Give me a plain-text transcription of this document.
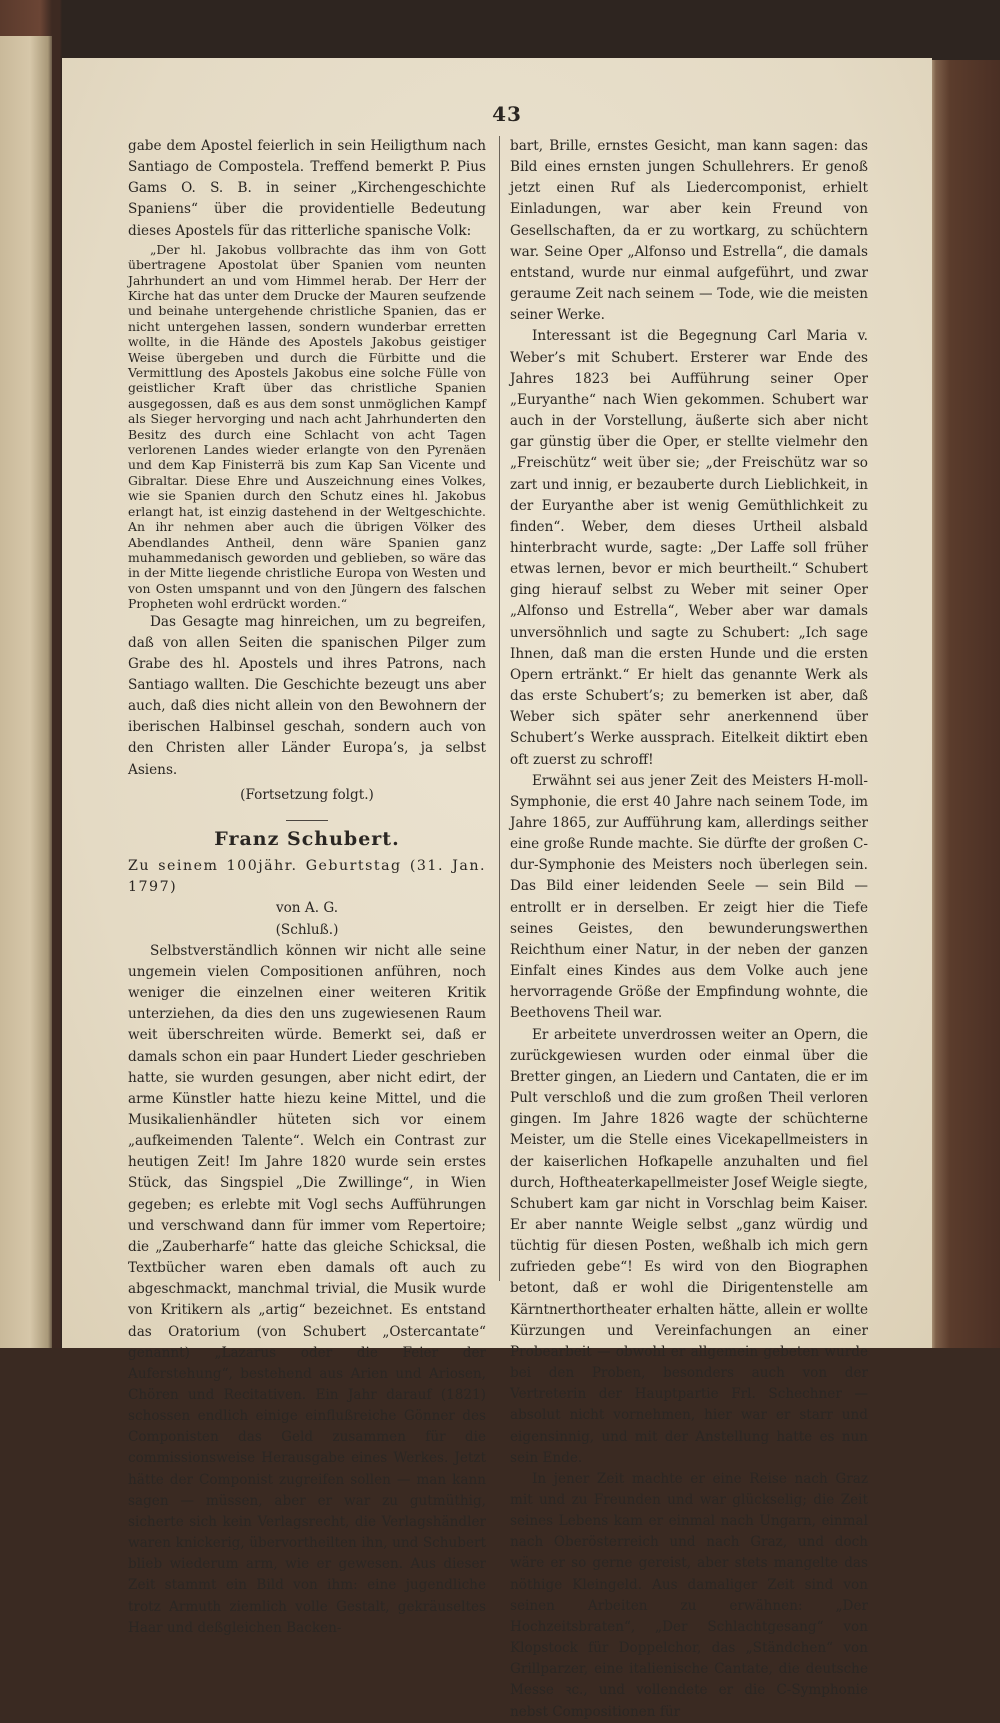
43

gabe dem Apostel feierlich in sein Heiligthum nach Santiago de Compostela. Treffend bemerkt P. Pius Gams O. S. B. in seiner „Kirchengeschichte Spaniens“ über die providentielle Bedeutung dieses Apostels für das ritterliche spanische Volk:

„Der hl. Jakobus vollbrachte das ihm von Gott übertragene Apostolat über Spanien vom neunten Jahrhundert an und vom Himmel herab. Der Herr der Kirche hat das unter dem Drucke der Mauren seufzende und beinahe untergehende christliche Spanien, das er nicht untergehen lassen, sondern wunderbar erretten wollte, in die Hände des Apostels Jakobus geistiger Weise übergeben und durch die Fürbitte und die Vermittlung des Apostels Jakobus eine solche Fülle von geistlicher Kraft über das christliche Spanien ausgegossen, daß es aus dem sonst unmöglichen Kampf als Sieger hervorging und nach acht Jahrhunderten den Besitz des durch eine Schlacht von acht Tagen verlorenen Landes wieder erlangte von den Pyrenäen und dem Kap Finisterrä bis zum Kap San Vicente und Gibraltar. Diese Ehre und Auszeichnung eines Volkes, wie sie Spanien durch den Schutz eines hl. Jakobus erlangt hat, ist einzig dastehend in der Weltgeschichte. An ihr nehmen aber auch die übrigen Völker des Abendlandes Antheil, denn wäre Spanien ganz muhammedanisch geworden und geblieben, so wäre das in der Mitte liegende christliche Europa von Westen und von Osten umspannt und von den Jüngern des falschen Propheten wohl erdrückt worden.“

Das Gesagte mag hinreichen, um zu begreifen, daß von allen Seiten die spanischen Pilger zum Grabe des hl. Apostels und ihres Patrons, nach Santiago wallten. Die Geschichte bezeugt uns aber auch, daß dies nicht allein von den Bewohnern der iberischen Halbinsel geschah, sondern auch von den Christen aller Länder Europa’s, ja selbst Asiens.

(Fortsetzung folgt.)

Franz Schubert.

Zu seinem 100jähr. Geburtstag (31. Jan. 1797)

von A. G.

(Schluß.)

Selbstverständlich können wir nicht alle seine ungemein vielen Compositionen anführen, noch weniger die einzelnen einer weiteren Kritik unterziehen, da dies den uns zugewiesenen Raum weit überschreiten würde. Bemerkt sei, daß er damals schon ein paar Hundert Lieder geschrieben hatte, sie wurden gesungen, aber nicht edirt, der arme Künstler hatte hiezu keine Mittel, und die Musikalienhändler hüteten sich vor einem „aufkeimenden Talente“. Welch ein Contrast zur heutigen Zeit! Im Jahre 1820 wurde sein erstes Stück, das Singspiel „Die Zwillinge“, in Wien gegeben; es erlebte mit Vogl sechs Aufführungen und verschwand dann für immer vom Repertoire; die „Zauberharfe“ hatte das gleiche Schicksal, die Textbücher waren eben damals oft auch zu abgeschmackt, manchmal trivial, die Musik wurde von Kritikern als „artig“ bezeichnet. Es entstand das Oratorium (von Schubert „Ostercantate“ genannt) „Lazarus oder die Feier der Auferstehung“, bestehend aus Arien und Ariosen, Chören und Recitativen. Ein Jahr darauf (1821) schossen endlich einige einflußreiche Gönner des Componisten das Geld zusammen für die commissionsweise Herausgabe eines Werkes. Jetzt hätte der Componist zugreifen sollen — man kann sagen — müssen, aber er war zu gutmüthig, sicherte sich kein Verlagsrecht, die Verlagshändler waren knickerig, übervortheilten ihn, und Schubert blieb wiederum arm, wie er gewesen. Aus dieser Zeit stammt ein Bild von ihm: eine jugendliche trotz Armuth ziemlich volle Gestalt, gekräuseltes Haar und deßgleichen Backen-

bart, Brille, ernstes Gesicht, man kann sagen: das Bild eines ernsten jungen Schullehrers. Er genoß jetzt einen Ruf als Liedercomponist, erhielt Einladungen, war aber kein Freund von Gesellschaften, da er zu wortkarg, zu schüchtern war. Seine Oper „Alfonso und Estrella“, die damals entstand, wurde nur einmal aufgeführt, und zwar geraume Zeit nach seinem — Tode, wie die meisten seiner Werke.

Interessant ist die Begegnung Carl Maria v. Weber’s mit Schubert. Ersterer war Ende des Jahres 1823 bei Aufführung seiner Oper „Euryanthe“ nach Wien gekommen. Schubert war auch in der Vorstellung, äußerte sich aber nicht gar günstig über die Oper, er stellte vielmehr den „Freischütz“ weit über sie; „der Freischütz war so zart und innig, er bezauberte durch Lieblichkeit, in der Euryanthe aber ist wenig Gemüthlichkeit zu finden“. Weber, dem dieses Urtheil alsbald hinterbracht wurde, sagte: „Der Laffe soll früher etwas lernen, bevor er mich beurtheilt.“ Schubert ging hierauf selbst zu Weber mit seiner Oper „Alfonso und Estrella“, Weber aber war damals unversöhnlich und sagte zu Schubert: „Ich sage Ihnen, daß man die ersten Hunde und die ersten Opern ertränkt.“ Er hielt das genannte Werk als das erste Schubert’s; zu bemerken ist aber, daß Weber sich später sehr anerkennend über Schubert’s Werke aussprach. Eitelkeit diktirt eben oft zuerst zu schroff!

Erwähnt sei aus jener Zeit des Meisters H-moll-Symphonie, die erst 40 Jahre nach seinem Tode, im Jahre 1865, zur Aufführung kam, allerdings seither eine große Runde machte. Sie dürfte der großen C-dur-Symphonie des Meisters noch überlegen sein. Das Bild einer leidenden Seele — sein Bild — entrollt er in derselben. Er zeigt hier die Tiefe seines Geistes, den bewunderungswerthen Reichthum einer Natur, in der neben der ganzen Einfalt eines Kindes aus dem Volke auch jene hervorragende Größe der Empfindung wohnte, die Beethovens Theil war.

Er arbeitete unverdrossen weiter an Opern, die zurückgewiesen wurden oder einmal über die Bretter gingen, an Liedern und Cantaten, die er im Pult verschloß und die zum großen Theil verloren gingen. Im Jahre 1826 wagte der schüchterne Meister, um die Stelle eines Vicekapellmeisters in der kaiserlichen Hofkapelle anzuhalten und fiel durch, Hoftheaterkapellmeister Josef Weigle siegte, Schubert kam gar nicht in Vorschlag beim Kaiser. Er aber nannte Weigle selbst „ganz würdig und tüchtig für diesen Posten, weßhalb ich mich gern zufrieden gebe“! Es wird von den Biographen betont, daß er wohl die Dirigentenstelle am Kärntnerthortheater erhalten hätte, allein er wollte Kürzungen und Vereinfachungen an einer Probearbeit — obwohl er allgemein gebeten wurde bei den Proben, besonders auch von der Vertreterin der Hauptpartie Frl. Schechner — absolut nicht vornehmen, hier war er starr und eigensinnig, und mit der Anstellung hatte es nun sein Ende.

In jener Zeit machte er eine Reise nach Graz mit und zu Freunden und war glückselig; die Zeit seines Lebens kam er einmal nach Ungarn, einmal nach Oberösterreich und nach Graz, und doch wäre er so gerne gereist, aber stets mangelte das nöthige Kleingeld. Aus damaliger Zeit sind von seinen Arbeiten zu erwähnen: „Der Hochzeitsbraten“, „Der Schlachtgesang“ von Klopstock für Doppelchor, das „Ständchen“ von Grillparzer, eine italienische Cantate, die deutsche Messe ꝛc., und vollendete er die C-Symphonie nebst Compositionen für
